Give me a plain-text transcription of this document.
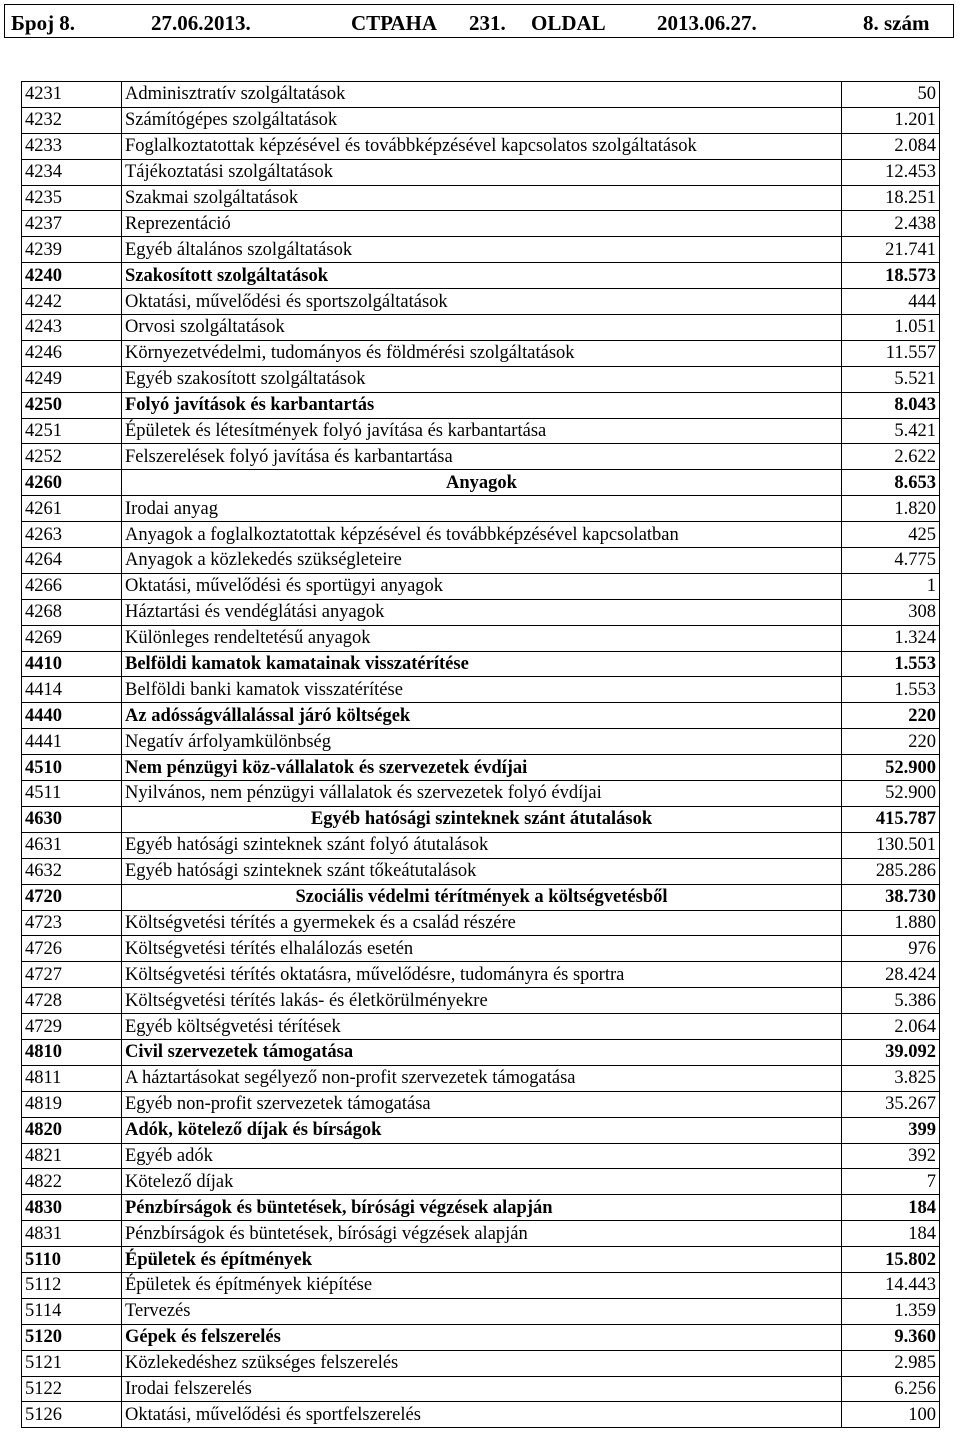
Број 8.	27.06.2013.	СТРАНА 231. OLDAL 2013.06.27.	8. szám
4231	Adminisztratív szolgáltatások	50
4232	Számítógépes szolgáltatások	1.201
4233	Foglalkoztatottak képzésével és továbbképzésével kapcsolatos szolgáltatások	2.084
4234	Tájékoztatási szolgáltatások	12.453
4235	Szakmai szolgáltatások	18.251
4237	Reprezentáció	2.438
4239	Egyéb általános szolgáltatások	21.741
4240	Szakosított szolgáltatások	18.573
4242	Oktatási, művelődési és sportszolgáltatások	444
4243	Orvosi szolgáltatások	1.051
4246	Környezetvédelmi, tudományos és földmérési szolgáltatások	11.557
4249	Egyéb szakosított szolgáltatások	5.521
4250	Folyó javítások és karbantartás	8.043
4251	Épületek és létesítmények folyó javítása és karbantartása	5.421
4252	Felszerelések folyó javítása és karbantartása	2.622
4260	Anyagok	8.653
4261	Irodai anyag	1.820
4263	Anyagok a foglalkoztatottak képzésével és továbbképzésével kapcsolatban	425
4264	Anyagok a közlekedés szükségleteire	4.775
4266	Oktatási, művelődési és sportügyi anyagok	1
4268	Háztartási és vendéglátási anyagok	308
4269	Különleges rendeltetésű anyagok	1.324
4410	Belföldi kamatok kamatainak visszatérítése	1.553
4414	Belföldi banki kamatok visszatérítése	1.553
4440	Az adósságvállalással járó költségek	220
4441	Negatív árfolyamkülönbség	220
4510	Nem pénzügyi köz-vállalatok és szervezetek évdíjai	52.900
4511	Nyilvános, nem pénzügyi vállalatok és szervezetek folyó évdíjai	52.900
4630	Egyéb hatósági szinteknek szánt átutalások	415.787
4631	Egyéb hatósági szinteknek szánt folyó átutalások	130.501
4632	Egyéb hatósági szinteknek szánt tőkeátutalások	285.286
4720	Szociális védelmi térítmények a költségvetésből	38.730
4723	Költségvetési térítés a gyermekek és a család részére	1.880
4726	Költségvetési térítés elhalálozás esetén	976
4727	Költségvetési térítés oktatásra, művelődésre, tudományra és sportra	28.424
4728	Költségvetési térítés lakás- és életkörülményekre	5.386
4729	Egyéb költségvetési térítések	2.064
4810	Civil szervezetek támogatása	39.092
4811	A háztartásokat segélyező non-profit szervezetek támogatása	3.825
4819	Egyéb non-profit szervezetek támogatása	35.267
4820	Adók, kötelező díjak és bírságok	399
4821	Egyéb adók	392
4822	Kötelező díjak	7
4830	Pénzbírságok és büntetések, bírósági végzések alapján	184
4831	Pénzbírságok és büntetések, bírósági végzések alapján	184
5110	Épületek és építmények	15.802
5112	Épületek és építmények kiépítése	14.443
5114	Tervezés	1.359
5120	Gépek és felszerelés	9.360
5121	Közlekedéshez szükséges felszerelés	2.985
5122	Irodai felszerelés	6.256
5126	Oktatási, művelődési és sportfelszerelés	100
